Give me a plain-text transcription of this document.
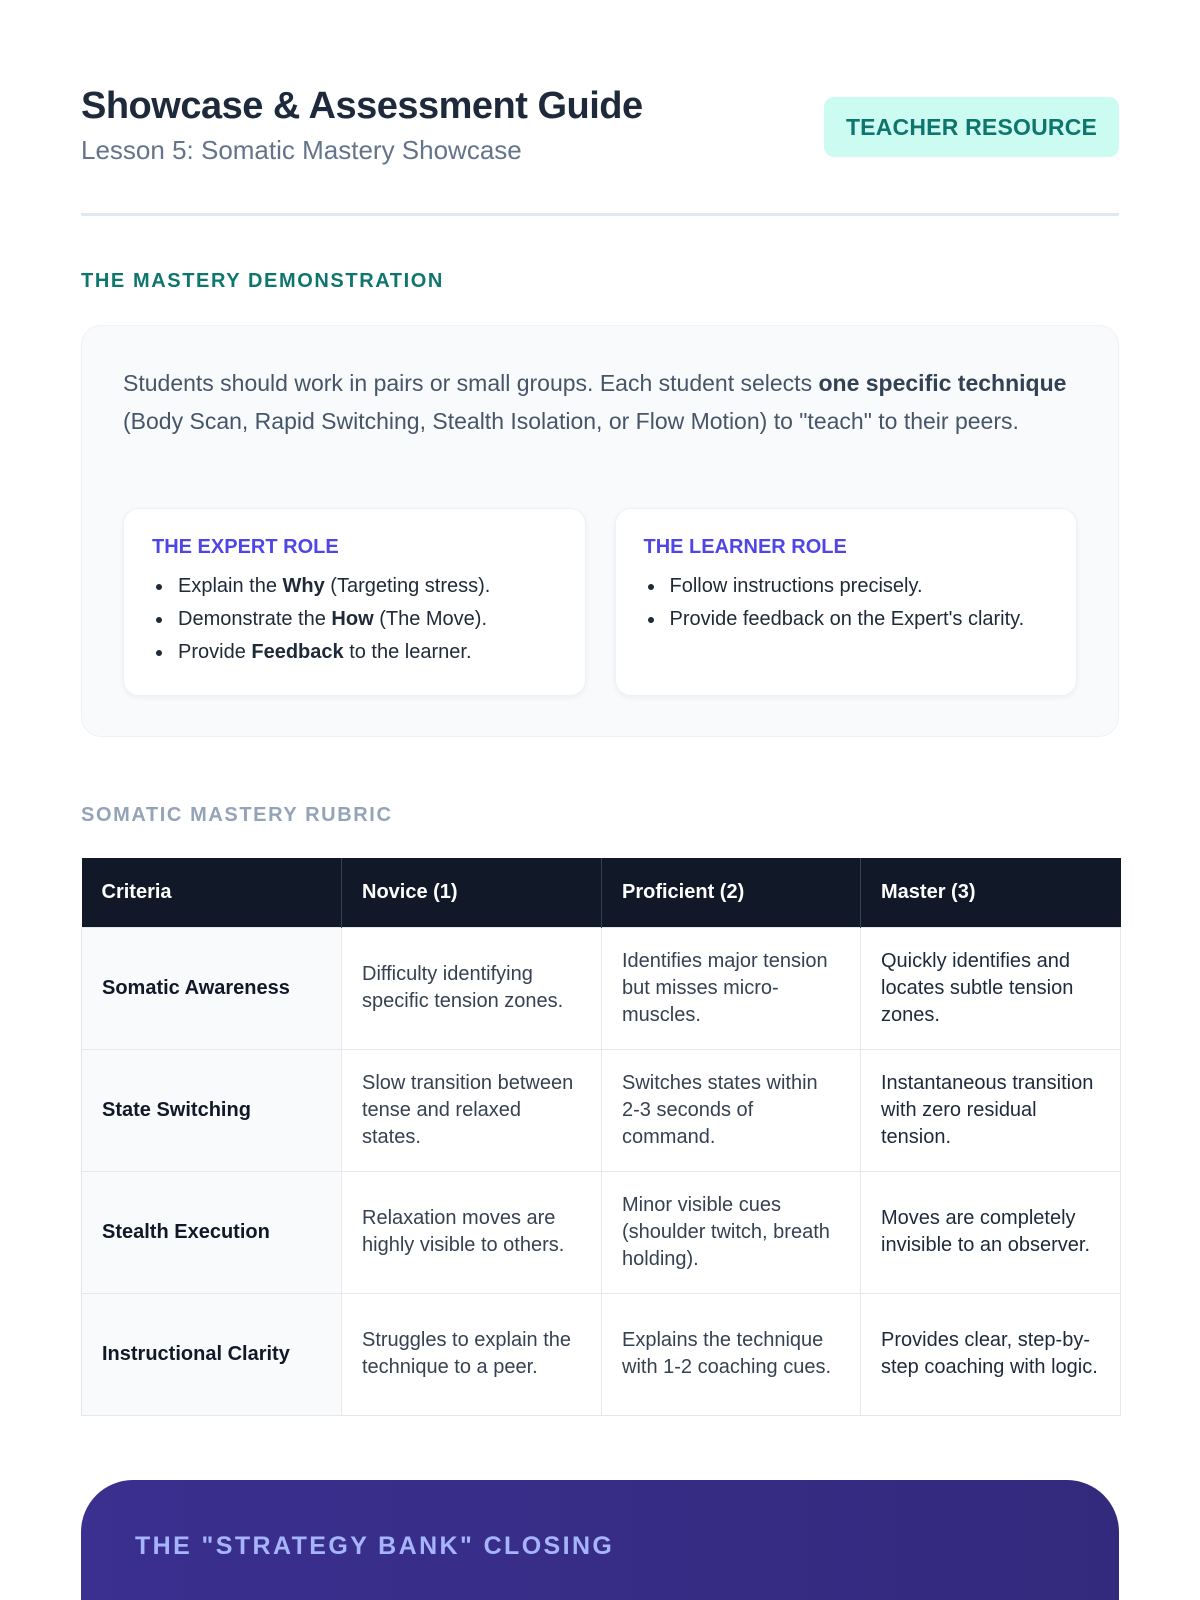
Showcase & Assessment Guide
Lesson 5: Somatic Mastery Showcase
TEACHER RESOURCE
THE MASTERY DEMONSTRATION

Students should work in pairs or small groups. Each student selects one specific technique (Body Scan, Rapid Switching, Stealth Isolation, or Flow Motion) to "teach" to their peers.

THE EXPERT ROLE
Explain the Why (Targeting stress).
Demonstrate the How (The Move).
Provide Feedback to the learner.
THE LEARNER ROLE
Follow instructions precisely.
Provide feedback on the Expert's clarity.
SOMATIC MASTERY RUBRIC
Criteria	Novice (1)	Proficient (2)	Master (3)
Somatic Awareness	Difficulty identifying specific tension zones.	Identifies major tension but misses micro-muscles.	Quickly identifies and locates subtle tension zones.
State Switching	Slow transition between tense and relaxed states.	Switches states within 2-3 seconds of command.	Instantaneous transition with zero residual tension.
Stealth Execution	Relaxation moves are highly visible to others.	Minor visible cues (shoulder twitch, breath holding).	Moves are completely invisible to an observer.
Instructional Clarity	Struggles to explain the technique to a peer.	Explains the technique with 1-2 coaching cues.	Provides clear, step-by-step coaching with logic.
THE "STRATEGY BANK" CLOSING
